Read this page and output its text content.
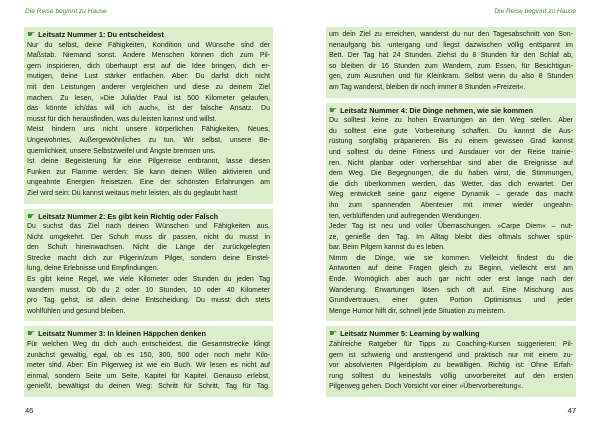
Die Reise beginnt zu Hause
☛ Leitsatz Nummer 1: Du entscheidest
Nur du selbst, deine Fähigkeiten, Kondition und Wünsche sind der
Maßstab. Niemand sonst. Andere Menschen können dich zum Pil-
gern inspirieren, dich überhaupt erst auf die Idee bringen, dich er-
mutigen, deine Lust stärker entfachen. Aber: Du darfst dich nicht
mit den Leistungen anderer vergleichen und diese zu deinem Ziel
machen. Zu lesen, »Die Julia/der Paul ist 500 Kilometer gelaufen,
das könnte ich/das will ich auch«, ist der falsche Ansatz. Du
musst für dich herausfinden, was du leisten kannst und willst.
Meist hindern uns nicht unsere körperlichen Fähigkeiten, Neues,
Ungewohntes, Außergewöhnliches zu tun. Wir selbst, unsere Be-
quemlichkeit, unsere Selbstzweifel und Ängste bremsen uns.
Ist deine Begeisterung für eine Pilgerreise entbrannt, lasse diesen
Funken zur Flamme werden: Sie kann deinen Willen aktivieren und
ungeahnte Energien freisetzen. Eine der schönsten Erfahrungen am
Ziel wird sein: Du kannst weitaus mehr leisten, als du geglaubt hast!
☛ Leitsatz Nummer 2: Es gibt kein Richtig oder Falsch
Du suchst das Ziel nach deinen Wünschen und Fähigkeiten aus.
Nicht umgekehrt. Der Schuh muss dir passen, nicht du musst in
den Schuh hineinwachsen. Nicht die Länge der zurückgelegten
Strecke macht dich zur Pilgerin/zum Pilger, sondern deine Einstel-
lung, deine Erlebnisse und Empfindungen.
Es gibt keine Regel, wie viele Kilometer oder Stunden du jeden Tag
wandern musst. Ob du 2 oder 10 Stunden, 10 oder 40 Kilometer
pro Tag gehst, ist allein deine Entscheidung. Du musst dich stets
wohlfühlen und gesund bleiben.
☛ Leitsatz Nummer 3: In kleinen Häppchen denken
Für welchen Weg du dich auch entscheidest, die Gesamtstrecke klingt
zunächst gewaltig, egal, ob es 150, 300, 500 oder noch mehr Kilo-
meter sind. Aber: Ein Pilgerweg ist wie ein Buch. Wir lesen es nicht auf
einmal, sondern Seite um Seite, Kapitel für Kapitel. Genauso erlebst,
genießt, bewältigst du deinen Weg: Schritt für Schritt, Tag für Tag.
46
Die Reise beginnt zu Hause
um dein Ziel zu erreichen, wanderst du nur den Tagesabschnitt von Son-
nenaufgang bis -untergang und liegst dazwischen völlig entspannt im
Bett. Der Tag hat 24 Stunden. Ziehst du 8 Stunden für den Schlaf ab,
so bleiben dir 16 Stunden zum Wandern, zum Essen, für Besichtigun-
gen, zum Ausruhen und für Kleinkram. Selbst wenn du also 8 Stunden
am Tag wanderst, bleiben dir noch immer 8 Stunden »Freizeit«.
☛ Leitsatz Nummer 4: Die Dinge nehmen, wie sie kommen
Du solltest keine zu hohen Erwartungen an den Weg stellen. Aber
du solltest eine gute Vorbereitung schaffen. Du kannst die Aus-
rüstung sorgfältig präparieren. Bis zu einem gewissen Grad kannst
und solltest du deine Fitness und Ausdauer vor der Reise trainie-
ren. Nicht planbar oder vorhersehbar sind aber die Ereignisse auf
dem Weg. Die Begegnungen, die du haben wirst, die Stimmungen,
die dich überkommen werden, das Wetter, das dich erwartet. Der
Weg entwickelt seine ganz eigene Dynamik – gerade das macht
ihn zum spannenden Abenteuer mit immer wieder ungeahn-
ten, verblüffenden und aufregenden Wendungen.
Jeder Tag ist neu und voller Überraschungen. »Carpe Diem« – nut-
ze, genieße den Tag. Im Alltag bleibt dies oftmals schwer spür-
bar. Beim Pilgern kannst du es leben.
Nimm die Dinge, wie sie kommen. Vielleicht findest du die
Antworten auf deine Fragen gleich zu Beginn, vielleicht erst am
Ende. Womöglich aber auch gar nicht oder erst lange nach der
Wanderung. Erwartungen lösen sich oft auf. Eine Mischung aus
Grundvertrauen, einer guten Portion Optimismus und jeder
Menge Humor hilft dir, schnell jede Situation zu meistern.
☛ Leitsatz Nummer 5: Learning by walking
Zahlreiche Ratgeber für Tipps zu Coaching-Kursen suggerieren: Pil-
gern ist schwierig und anstrengend und praktisch nur mit einem zu-
vor absolvierten Pilgerdiplom zu bewältigen. Richtig ist: Ohne Erfah-
rung solltest du keinesfalls völlig unvorbereitet auf den ersten
Pilgerweg gehen. Doch Vorsicht vor einer »Übervorbereitung«.
47
